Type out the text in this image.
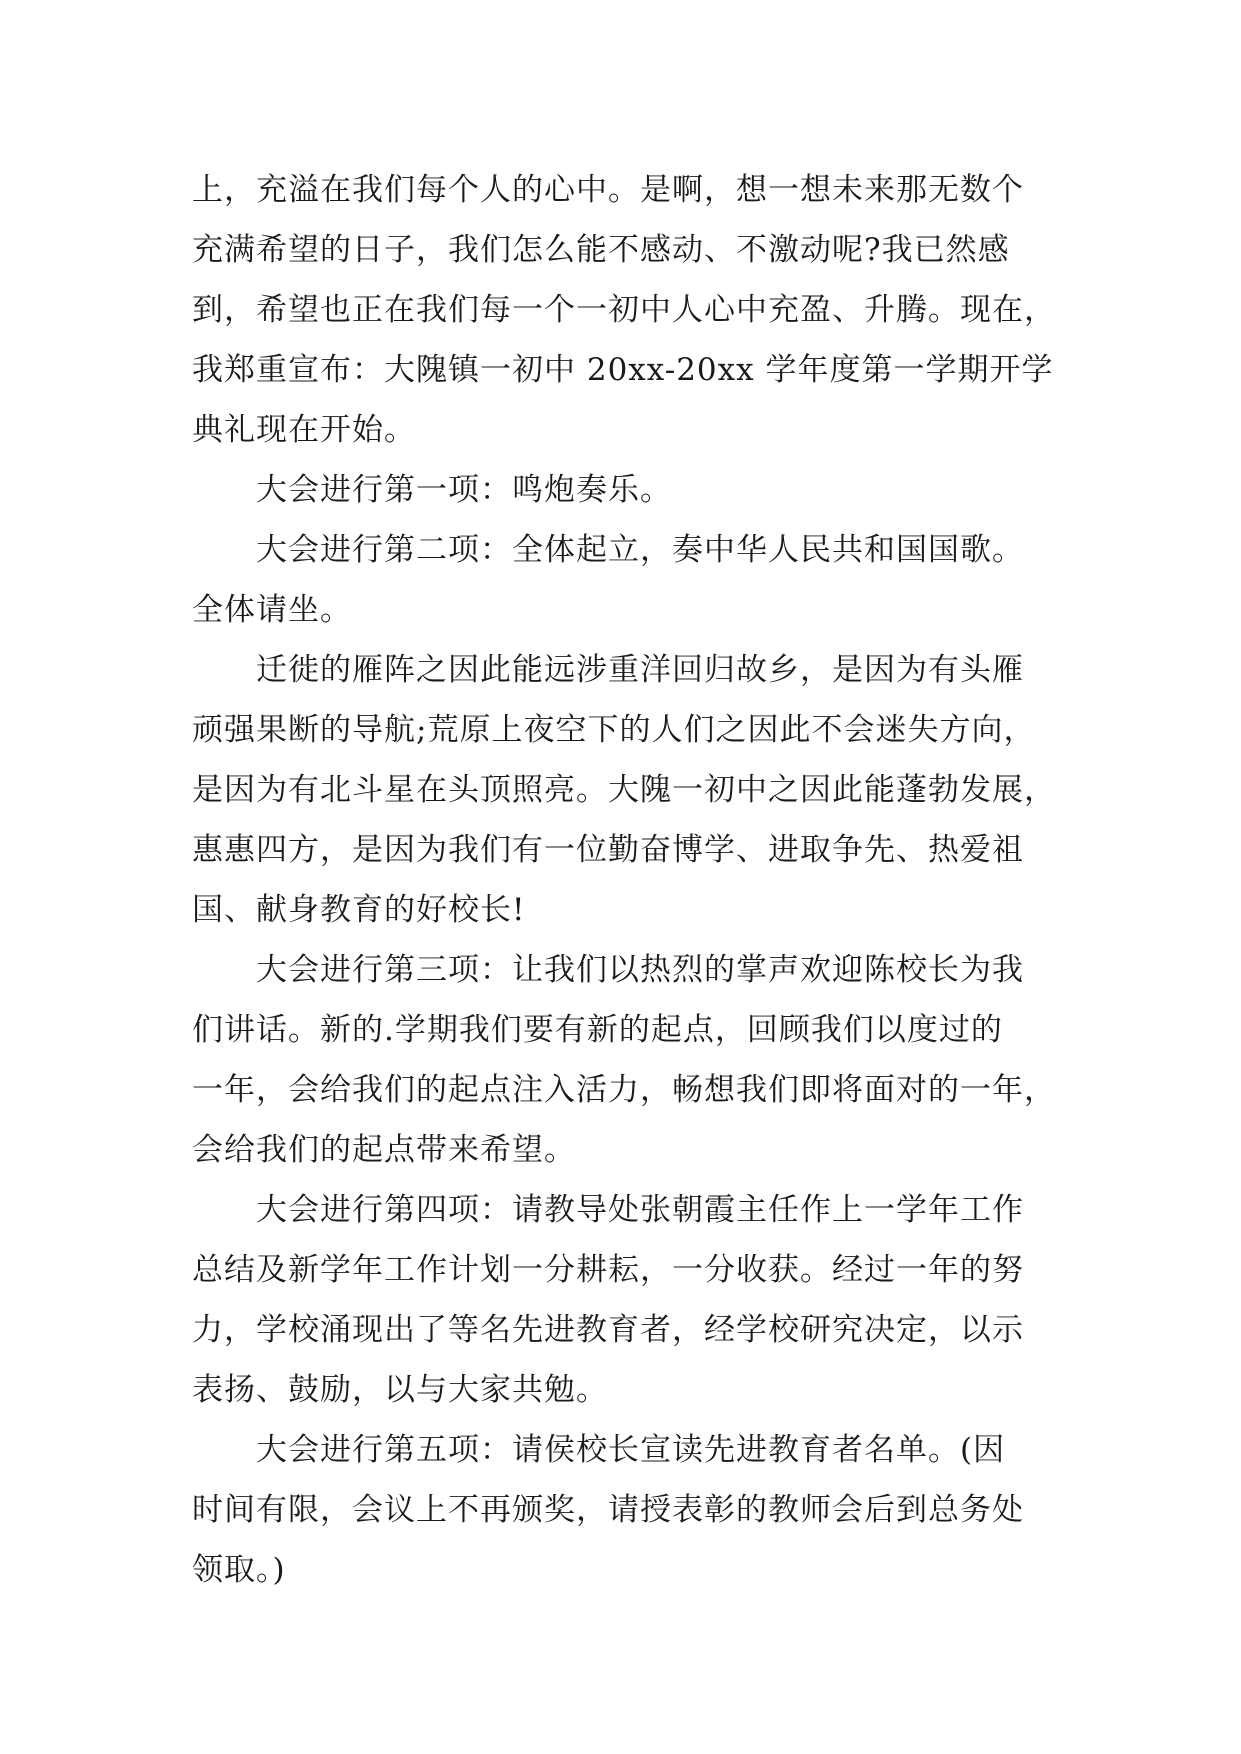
上，充溢在我们每个人的心中。是啊，想一想未来那无数个
充满希望的日子，我们怎么能不感动、不激动呢?我已然感
到，希望也正在我们每一个一初中人心中充盈、升腾。现在，
我郑重宣布：大隗镇一初中 20xx-20xx 学年度第一学期开学
典礼现在开始。
大会进行第一项：鸣炮奏乐。
大会进行第二项：全体起立，奏中华人民共和国国歌。
全体请坐。
迁徙的雁阵之因此能远涉重洋回归故乡，是因为有头雁
顽强果断的导航;荒原上夜空下的人们之因此不会迷失方向，
是因为有北斗星在头顶照亮。大隗一初中之因此能蓬勃发展，
惠惠四方，是因为我们有一位勤奋博学、进取争先、热爱祖
国、献身教育的好校长!
大会进行第三项：让我们以热烈的掌声欢迎陈校长为我
们讲话。新的.学期我们要有新的起点，回顾我们以度过的
一年，会给我们的起点注入活力，畅想我们即将面对的一年，
会给我们的起点带来希望。
大会进行第四项：请教导处张朝霞主任作上一学年工作
总结及新学年工作计划一分耕耘，一分收获。经过一年的努
力，学校涌现出了等名先进教育者，经学校研究决定，以示
表扬、鼓励，以与大家共勉。
大会进行第五项：请侯校长宣读先进教育者名单。(因
时间有限，会议上不再颁奖，请授表彰的教师会后到总务处
领取。)
